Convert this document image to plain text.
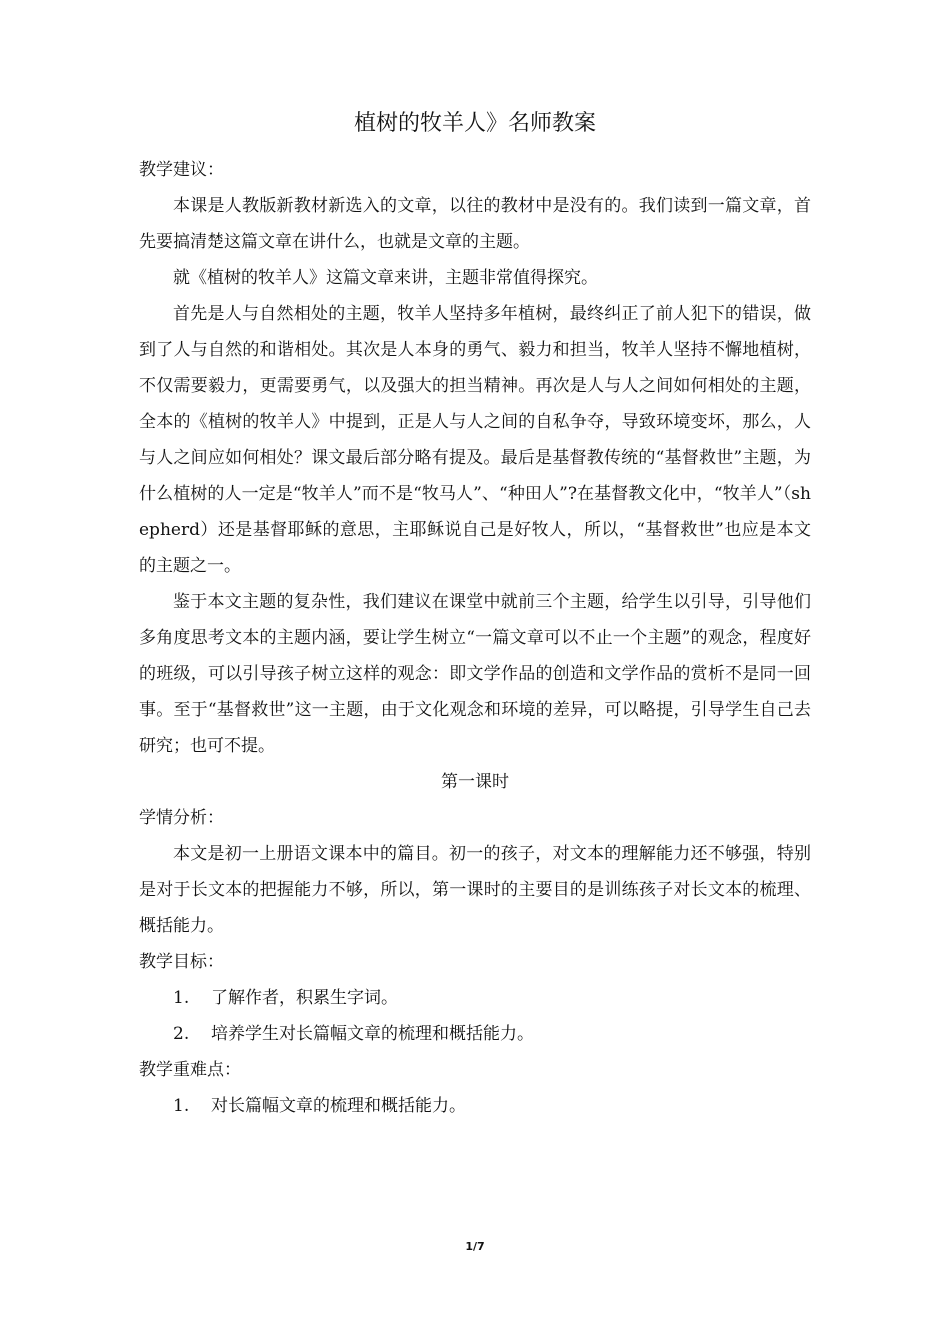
植树的牧羊人》名师教案

教学建议：

本课是人教版新教材新选入的文章，以往的教材中是没有的。我们读到一篇文章，首先要搞清楚这篇文章在讲什么，也就是文章的主题。

就《植树的牧羊人》这篇文章来讲，主题非常值得探究。

首先是人与自然相处的主题，牧羊人坚持多年植树，最终纠正了前人犯下的错误，做到了人与自然的和谐相处。其次是人本身的勇气、毅力和担当，牧羊人坚持不懈地植树，不仅需要毅力，更需要勇气，以及强大的担当精神。再次是人与人之间如何相处的主题，全本的《植树的牧羊人》中提到，正是人与人之间的自私争夺，导致环境变坏，那么，人与人之间应如何相处？课文最后部分略有提及。最后是基督教传统的“基督救世”主题，为什么植树的人一定是“牧羊人”而不是“牧马人”、“种田人”?在基督教文化中，“牧羊人”（shepherd）还是基督耶稣的意思，主耶稣说自己是好牧人，所以，“基督救世”也应是本文的主题之一。

鉴于本文主题的复杂性，我们建议在课堂中就前三个主题，给学生以引导，引导他们多角度思考文本的主题内涵，要让学生树立“一篇文章可以不止一个主题”的观念，程度好的班级，可以引导孩子树立这样的观念：即文学作品的创造和文学作品的赏析不是同一回事。至于“基督救世”这一主题，由于文化观念和环境的差异，可以略提，引导学生自己去研究；也可不提。

第一课时

学情分析：

本文是初一上册语文课本中的篇目。初一的孩子，对文本的理解能力还不够强，特别是对于长文本的把握能力不够，所以，第一课时的主要目的是训练孩子对长文本的梳理、概括能力。

教学目标：

1.	了解作者，积累生字词。
2.	培养学生对长篇幅文章的梳理和概括能力。

教学重难点：

1.	对长篇幅文章的梳理和概括能力。
1/7
